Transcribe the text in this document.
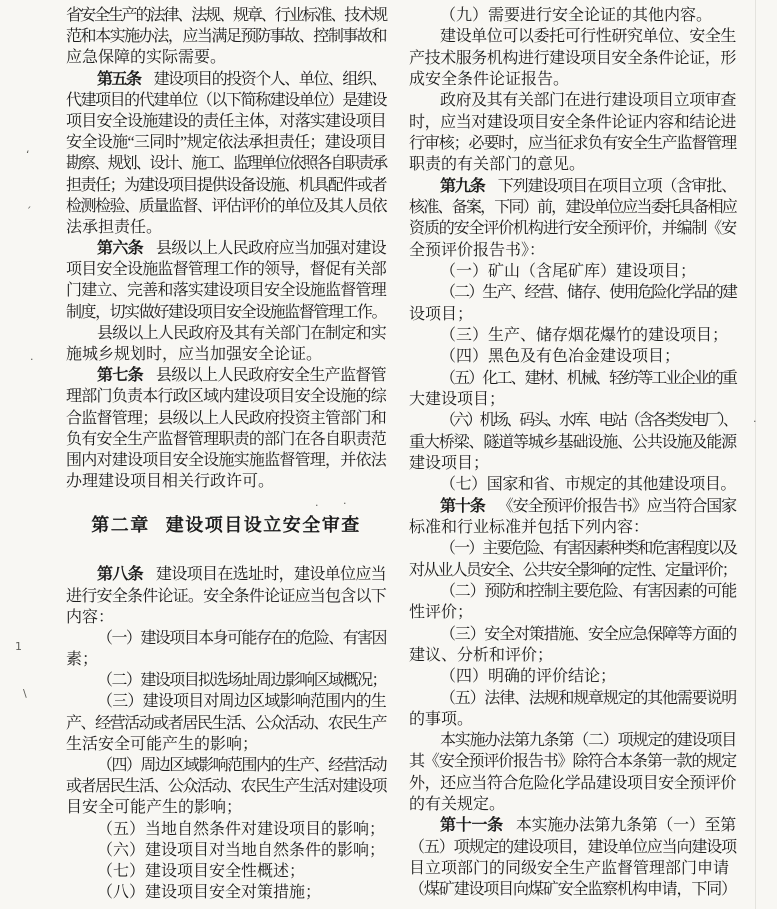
省安全生产的法律、法规、规章、行业标准、技术规
范和本实施办法，应当满足预防事故、控制事故和
应急保障的实际需要。
第五条 建设项目的投资个人、单位、组织、
代建项目的代建单位（以下简称建设单位）是建设
项目安全设施建设的责任主体，对落实建设项目
安全设施“三同时”规定依法承担责任；建设项目
勘察、规划、设计、施工、监理单位依照各自职责承
担责任；为建设项目提供设备设施、机具配件或者
检测检验、质量监督、评估评价的单位及其人员依
法承担责任。
第六条 县级以上人民政府应当加强对建设
项目安全设施监督管理工作的领导，督促有关部
门建立、完善和落实建设项目安全设施监督管理
制度，切实做好建设项目安全设施监督管理工作。
县级以上人民政府及其有关部门在制定和实
施城乡规划时，应当加强安全论证。
第七条 县级以上人民政府安全生产监督管
理部门负责本行政区域内建设项目安全设施的综
合监督管理；县级以上人民政府投资主管部门和
负有安全生产监督管理职责的部门在各自职责范
围内对建设项目安全设施实施监督管理，并依法
办理建设项目相关行政许可。
第二章 建设项目设立安全审查
第八条 建设项目在选址时，建设单位应当
进行安全条件论证。安全条件论证应当包含以下
内容：
（一）建设项目本身可能存在的危险、有害因
素；
（二）建设项目拟选场址周边影响区域概况；
（三）建设项目对周边区域影响范围内的生
产、经营活动或者居民生活、公众活动、农民生产
生活安全可能产生的影响；
（四）周边区域影响范围内的生产、经营活动
或者居民生活、公众活动、农民生产生活对建设项
目安全可能产生的影响；
（五）当地自然条件对建设项目的影响；
（六）建设项目对当地自然条件的影响；
（七）建设项目安全性概述；
（八）建设项目安全对策措施；
（九）需要进行安全论证的其他内容。
建设单位可以委托可行性研究单位、安全生
产技术服务机构进行建设项目安全条件论证，形
成安全条件论证报告。
政府及其有关部门在进行建设项目立项审查
时，应当对建设项目安全条件论证内容和结论进
行审核；必要时，应当征求负有安全生产监督管理
职责的有关部门的意见。
第九条 下列建设项目在项目立项（含审批、
核准、备案，下同）前，建设单位应当委托具备相应
资质的安全评价机构进行安全预评价，并编制《安
全预评价报告书》：
（一）矿山（含尾矿库）建设项目；
（二）生产、经营、储存、使用危险化学品的建
设项目；
（三）生产、储存烟花爆竹的建设项目；
（四）黑色及有色冶金建设项目；
（五）化工、建材、机械、轻纺等工业企业的重
大建设项目；
（六）机场、码头、水库、电站（含各类发电厂）、
重大桥梁、隧道等城乡基础设施、公共设施及能源
建设项目；
（七）国家和省、市规定的其他建设项目。
第十条 《安全预评价报告书》应当符合国家
标准和行业标准并包括下列内容：
（一）主要危险、有害因素种类和危害程度以及
对从业人员安全、公共安全影响的定性、定量评价；
（二）预防和控制主要危险、有害因素的可能
性评价；
（三）安全对策措施、安全应急保障等方面的
建议、分析和评价；
（四）明确的评价结论；
（五）法律、法规和规章规定的其他需要说明
的事项。
本实施办法第九条第（二）项规定的建设项目
其《安全预评价报告书》除符合本条第一款的规定
外，还应当符合危险化学品建设项目安全预评价
的有关规定。
第十一条 本实施办法第九条第（一）至第
（五）项规定的建设项目，建设单位应当向建设项
目立项部门的同级安全生产监督管理部门申请
（煤矿建设项目向煤矿安全监察机构申请，下同）
ʻ
ˏ
·
1
\
· ·
·
